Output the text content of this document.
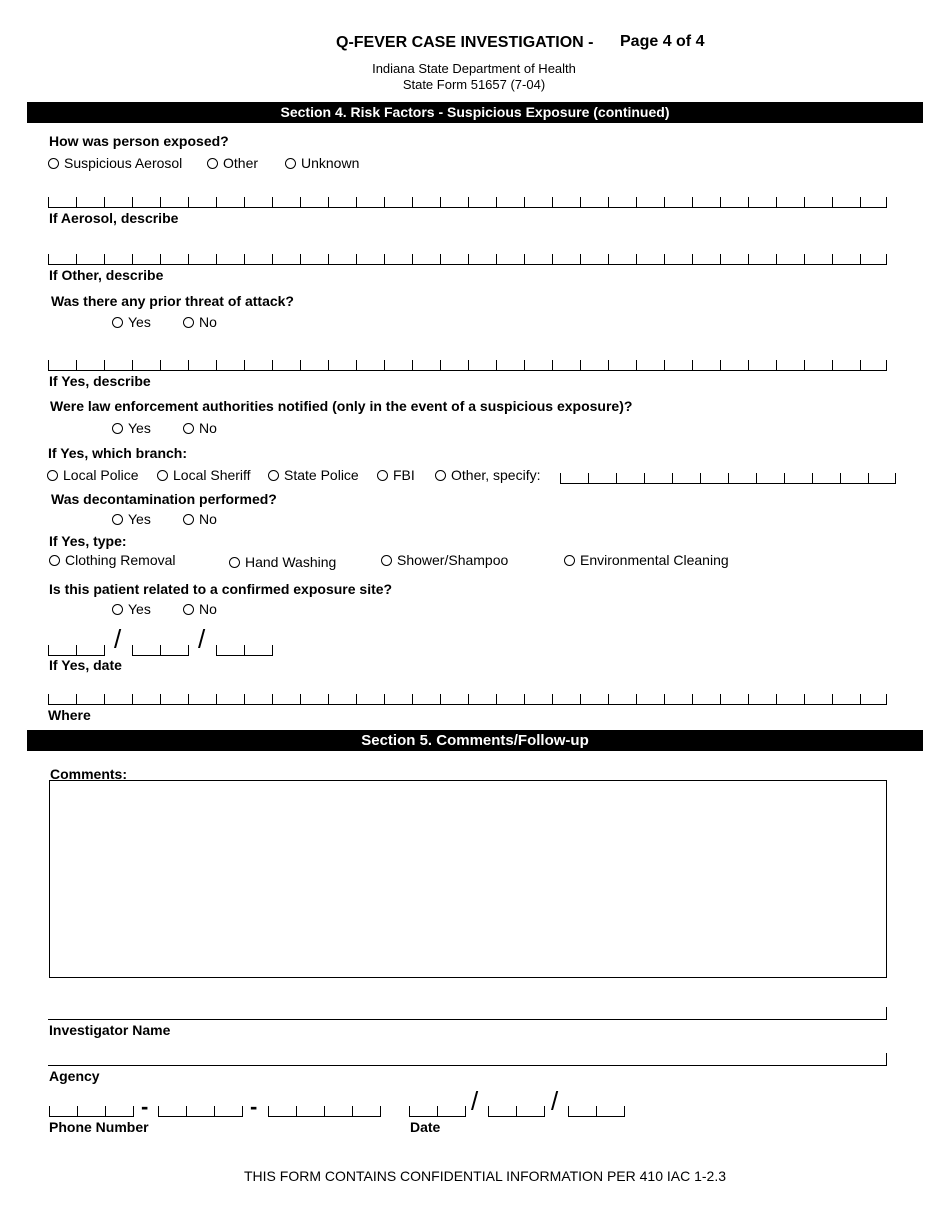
Q-FEVER CASE INVESTIGATION - Page 4 of 4
Indiana State Department of Health
State Form 51657 (7-04)
Section 4. Risk Factors - Suspicious Exposure (continued)
How was person exposed?
Suspicious Aerosol	Other	Unknown
If Aerosol, describe
If Other, describe
Was there any prior threat of attack?
Yes	No
If Yes, describe
Were law enforcement authorities notified (only in the event of a suspicious exposure)?
Yes	No
If Yes, which branch:
Local Police Local Sheriff State Police FBI	Other, specify:
Was decontamination performed?
Yes	No
If Yes, type:
Clothing Removal	Hand Washing	Shower/Shampoo	Environmental Cleaning
Is this patient related to a confirmed exposure site?
Yes	No
/	/
If Yes, date
Where
Section 5. Comments/Follow-up
Comments:
Investigator Name
Agency
-	-
Phone Number
/	/
Date
THIS FORM CONTAINS CONFIDENTIAL INFORMATION PER 410 IAC 1-2.3
